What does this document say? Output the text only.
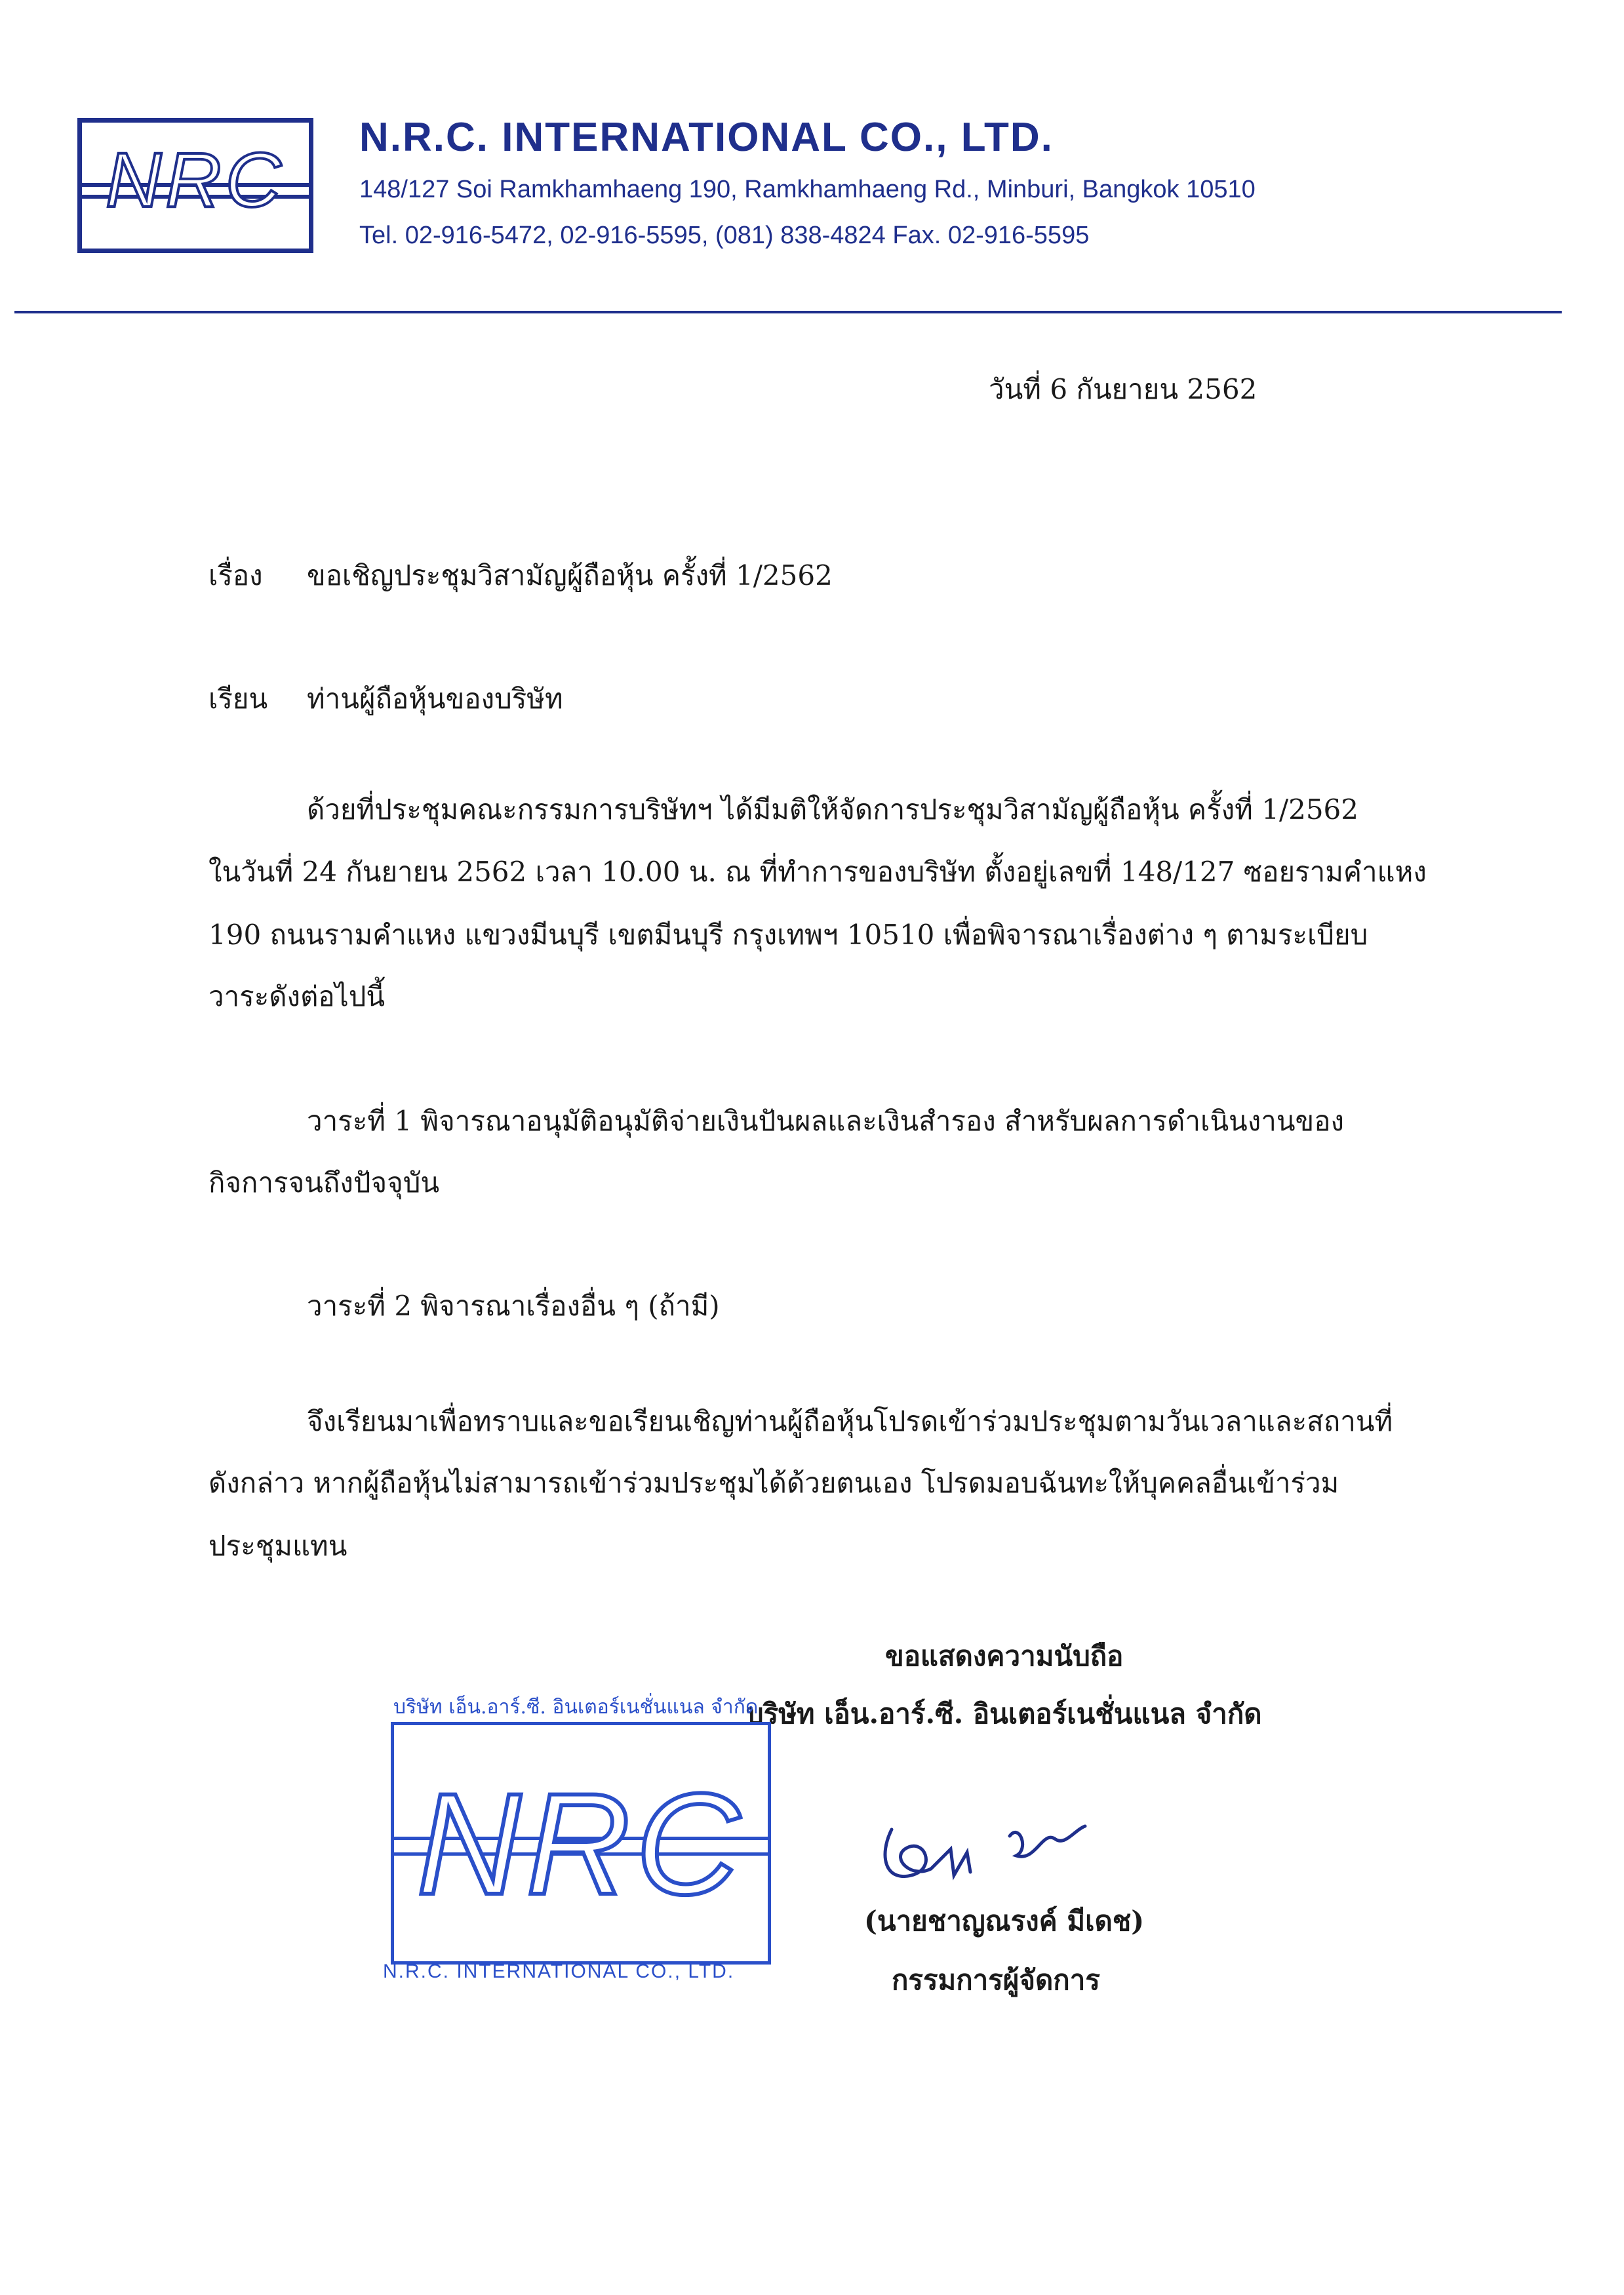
NRC	N.R.C. INTERNATIONAL CO., LTD.
148/127 Soi Ramkhamhaeng 190, Ramkhamhaeng Rd., Minburi, Bangkok 10510
Tel. 02-916-5472, 02-916-5595, (081) 838-4824 Fax. 02-916-5595
วันที่ 6 กันยายน 2562
เรื่อง ขอเชิญประชุมวิสามัญผู้ถือหุ้น ครั้งที่ 1/2562
เรียน ท่านผู้ถือหุ้นของบริษัท
ด้วยที่ประชุมคณะกรรมการบริษัทฯ ได้มีมติให้จัดการประชุมวิสามัญผู้ถือหุ้น ครั้งที่ 1/2562
ในวันที่ 24 กันยายน 2562 เวลา 10.00 น. ณ ที่ทำการของบริษัท ตั้งอยู่เลขที่ 148/127 ซอยรามคำแหง
190 ถนนรามคำแหง แขวงมีนบุรี เขตมีนบุรี กรุงเทพฯ 10510 เพื่อพิจารณาเรื่องต่าง ๆ ตามระเบียบ
วาระดังต่อไปนี้
วาระที่ 1 พิจารณาอนุมัติอนุมัติจ่ายเงินปันผลและเงินสำรอง สำหรับผลการดำเนินงานของ
กิจการจนถึงปัจจุบัน
วาระที่ 2 พิจารณาเรื่องอื่น ๆ (ถ้ามี)
จึงเรียนมาเพื่อทราบและขอเรียนเชิญท่านผู้ถือหุ้นโปรดเข้าร่วมประชุมตามวันเวลาและสถานที่
ดังกล่าว หากผู้ถือหุ้นไม่สามารถเข้าร่วมประชุมได้ด้วยตนเอง โปรดมอบฉันทะให้บุคคลอื่นเข้าร่วม
ประชุมแทน
ขอแสดงความนับถือ
บริษัท เอ็น.อาร์.ซี. อินเตอร์เนชั่นแนล จำกัด
(นายชาญณรงค์ มีเดช)
กรรมการผู้จัดการ
บริษัท เอ็น.อาร์.ซี. อินเตอร์เนชั่นแนล จำกัด
NRC
N.R.C. INTERNATIONAL CO., LTD.
